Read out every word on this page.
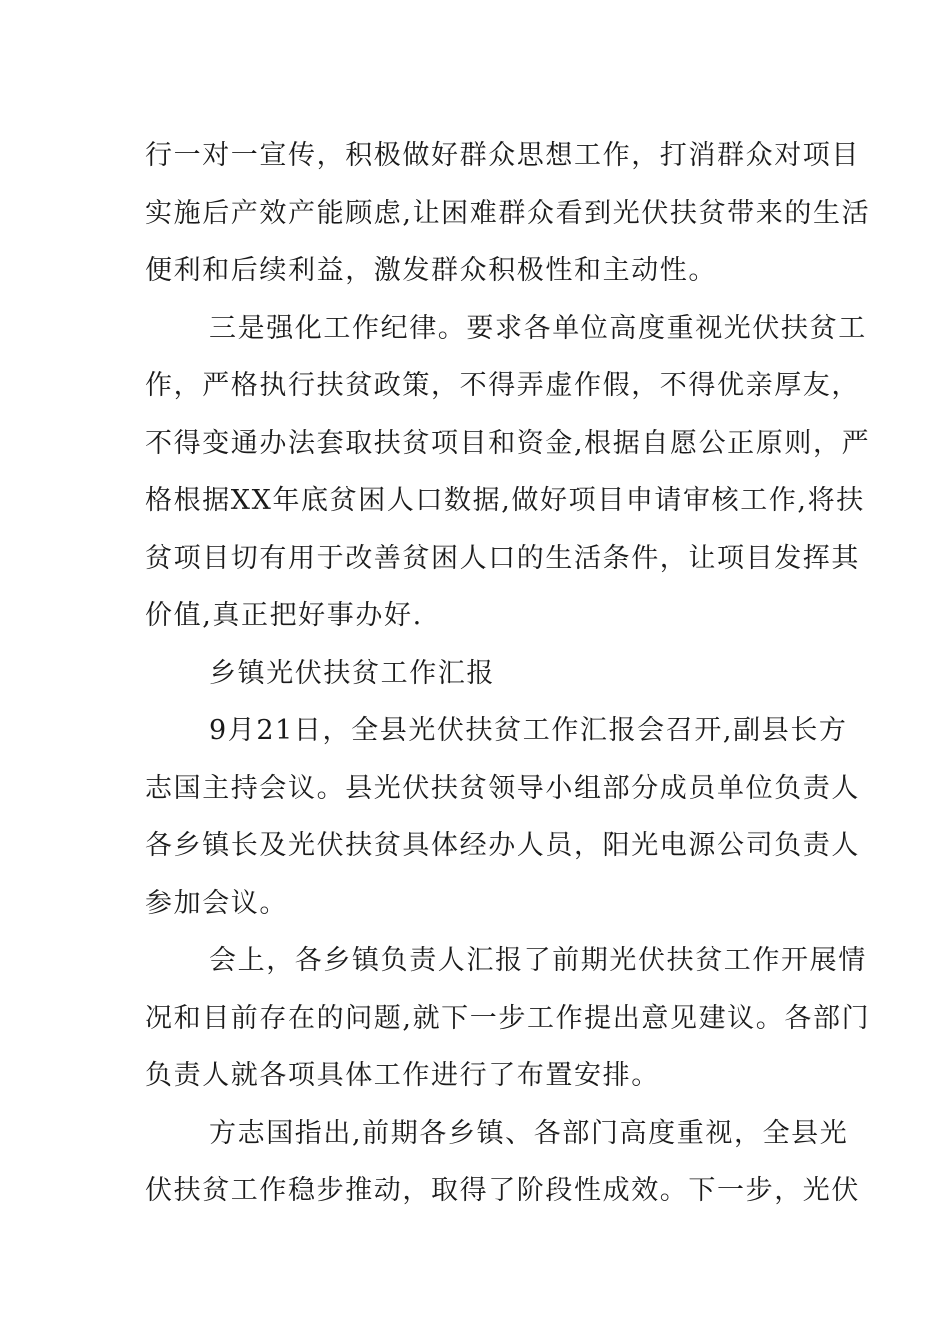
行一对一宣传，积极做好群众思想工作，打消群众对项目
实施后产效产能顾虑,让困难群众看到光伏扶贫带来的生活
便利和后续利益，激发群众积极性和主动性。
三是强化工作纪律。要求各单位高度重视光伏扶贫工
作，严格执行扶贫政策，不得弄虚作假，不得优亲厚友，
不得变通办法套取扶贫项目和资金,根据自愿公正原则，严
格根据XX年底贫困人口数据,做好项目申请审核工作,将扶
贫项目切有用于改善贫困人口的生活条件，让项目发挥其
价值,真正把好事办好.
乡镇光伏扶贫工作汇报
9月21日，全县光伏扶贫工作汇报会召开,副县长方
志国主持会议。县光伏扶贫领导小组部分成员单位负责人
各乡镇长及光伏扶贫具体经办人员，阳光电源公司负责人
参加会议。
会上，各乡镇负责人汇报了前期光伏扶贫工作开展情
况和目前存在的问题,就下一步工作提出意见建议。各部门
负责人就各项具体工作进行了布置安排。
方志国指出,前期各乡镇、各部门高度重视，全县光
伏扶贫工作稳步推动，取得了阶段性成效。下一步，光伏
